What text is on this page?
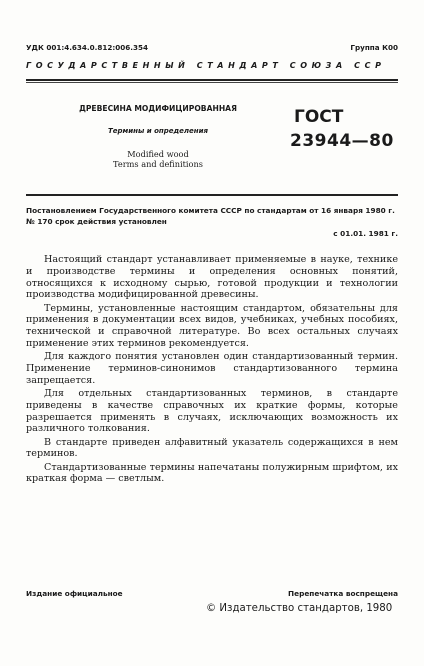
УДК 001:4.634.0.812:006.354	Группа К00
ГОСУДАРСТВЕННЫЙ СТАНДАРТ СОЮЗА ССР
ДРЕВЕСИНА МОДИФИЦИРОВАННАЯ
Термины и определения
Modified wood
Terms and definitions
ГОСТ
23944—80
Постановлением Государственного комитета СССР по стандартам от 16 января 1980 г. № 170 срок действия установлен
с 01.01. 1981 г.

Настоящий стандарт устанавливает применяемые в науке, технике и производстве термины и определения основных понятий, относящихся к исходному сырью, готовой продукции и технологии производства модифицированной древесины.

Термины, установленные настоящим стандартом, обязательны для применения в документации всех видов, учебниках, учебных пособиях, технической и справочной литературе. Во всех остальных случаях применение этих терминов рекомендуется.

Для каждого понятия установлен один стандартизованный термин. Применение терминов-синонимов стандартизованного термина запрещается.

Для отдельных стандартизованных терминов, в стандарте приведены в качестве справочных их краткие формы, которые разрешается применять в случаях, исключающих возможность их различного толкования.

В стандарте приведен алфавитный указатель содержащихся в нем терминов.

Стандартизованные термины напечатаны полужирным шрифтом, их краткая форма — светлым.

Издание официальное	Перепечатка воспрещена
© Издательство стандартов, 1980
